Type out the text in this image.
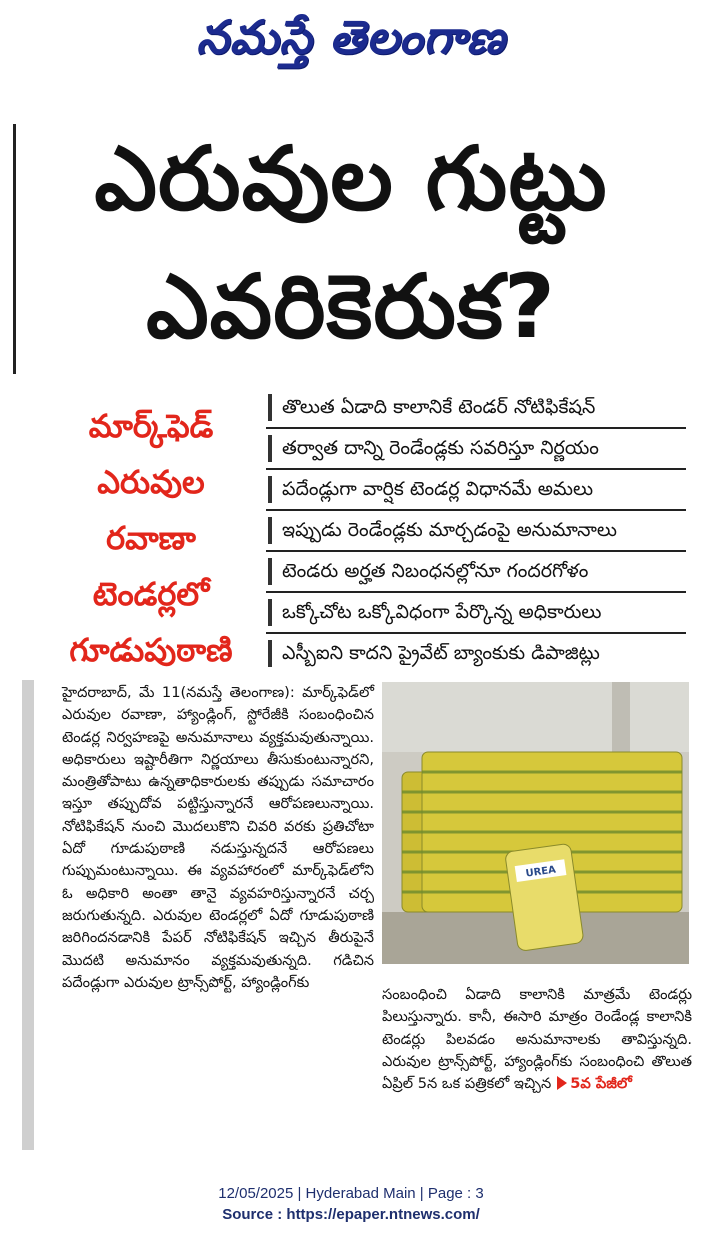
నమస్తే తెలంగాణ
ఎరువుల గుట్టు
ఎవరికెరుక?
మార్క్‌ఫెడ్
ఎరువుల
రవాణా
టెండర్లలో
గూడుపుఠాణి
తొలుత ఏడాది కాలానికే టెండర్ నోటిఫికేషన్
తర్వాత దాన్ని రెండేండ్లకు సవరిస్తూ నిర్ణయం
పదేండ్లుగా వార్షిక టెండర్ల విధానమే అమలు
ఇప్పుడు రెండేండ్లకు మార్చడంపై అనుమానాలు
టెండరు అర్హత నిబంధనల్లోనూ గందరగోళం
ఒక్కోచోట ఒక్కోవిధంగా పేర్కొన్న అధికారులు
ఎస్బీఐని కాదని ప్రైవేట్ బ్యాంకుకు డిపాజిట్లు

హైదరాబాద్, మే 11(నమస్తే తెలంగాణ): మార్క్‌ఫెడ్‌లో ఎరువుల రవాణా, హ్యాండ్లింగ్, స్టోరేజీకి సంబంధించిన టెండర్ల నిర్వహణపై అనుమానాలు వ్యక్తమవుతున్నాయి. అధికారులు ఇష్టారీతిగా నిర్ణయాలు తీసుకుంటున్నారని, మంత్రితోపాటు ఉన్నతాధికారులకు తప్పుడు సమాచారం ఇస్తూ తప్పుదోవ పట్టిస్తున్నారనే ఆరోపణలున్నాయి. నోటిఫికేషన్ నుంచి మొదలుకొని చివరి వరకు ప్రతిచోటా ఏదో గూడుపుఠాణి నడుస్తున్నదనే ఆరోపణలు గుప్పుమంటున్నాయి. ఈ వ్యవహారంలో మార్క్‌ఫెడ్‌లోని ఓ అధికారి అంతా తానై వ్యవహరిస్తున్నారనే చర్చ జరుగుతున్నది. ఎరువుల టెండర్లలో ఏదో గూడుపుఠాణి జరిగిందనడానికి పేపర్ నోటిఫికేషన్ ఇచ్చిన తీరుపైనే మొదటి అనుమానం వ్యక్తమవుతున్నది. గడిచిన పదేండ్లుగా ఎరువుల ట్రాన్స్‌పోర్ట్, హ్యాండ్లింగ్‌కు

UREA

సంబంధించి ఏడాది కాలానికి మాత్రమే టెండర్లు పిలుస్తున్నారు. కానీ, ఈసారి మాత్రం రెండేండ్ల కాలానికి టెండర్లు పిలవడం అనుమానాలకు తావిస్తున్నది. ఎరువుల ట్రాన్స్‌పోర్ట్, హ్యాండ్లింగ్‌కు సంబంధించి తొలుత ఏప్రిల్ 5న ఒక పత్రికలో ఇచ్చిన 5వ పేజీలో

12/05/2025 | Hyderabad Main | Page : 3
Source : https://epaper.ntnews.com/
